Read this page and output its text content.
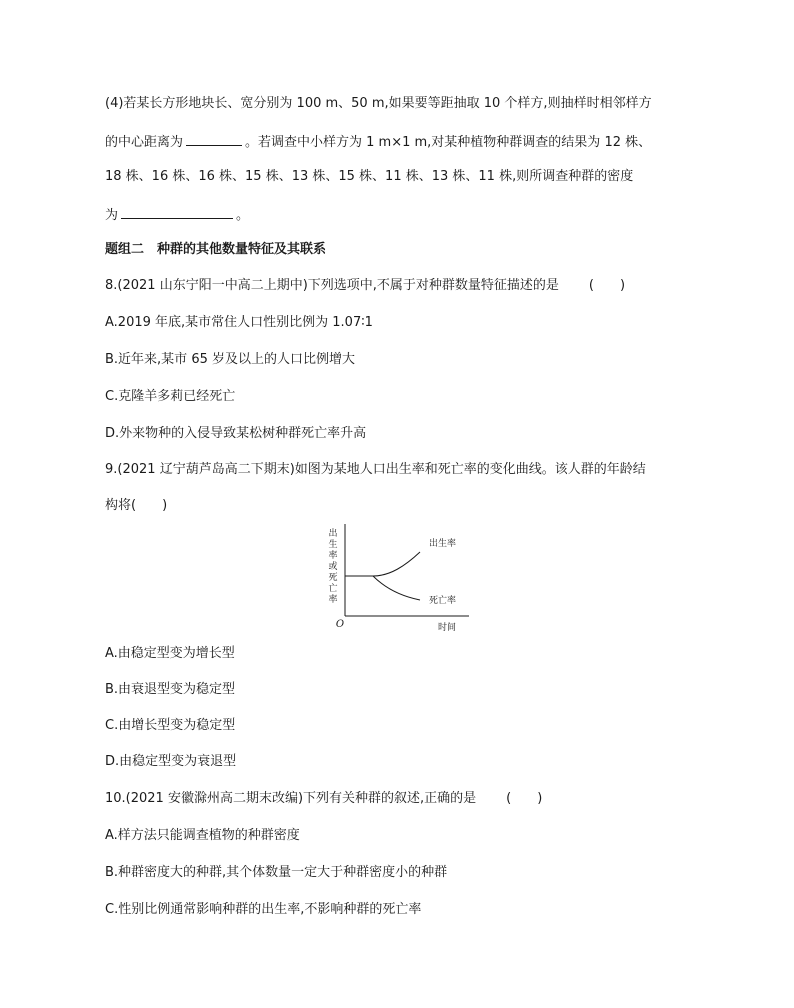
(4)若某长方形地块长、宽分别为 100 m、50 m,如果要等距抽取 10 个样方,则抽样时相邻样方
的中心距离为	。若调查中小样方为 1 m×1 m,对某种植物种群调查的结果为 12 株、
18 株、16 株、16 株、15 株、13 株、15 株、11 株、13 株、11 株,则所调查种群的密度
为	。
题组二　种群的其他数量特征及其联系
8.(2021 山东宁阳一中高二上期中)下列选项中,不属于对种群数量特征描述的是 (　　)
A.2019 年底,某市常住人口性别比例为 1.07∶1
B.近年来,某市 65 岁及以上的人口比例增大
C.克隆羊多莉已经死亡
D.外来物种的入侵导致某松树种群死亡率升高
9.(2021 辽宁葫芦岛高二下期末)如图为某地人口出生率和死亡率的变化曲线。该人群的年龄结
构将(　　)
出
生
率
或
死
亡
率
出生率
死亡率
O	时间
A.由稳定型变为增长型
B.由衰退型变为稳定型
C.由增长型变为稳定型
D.由稳定型变为衰退型
10.(2021 安徽滁州高二期末改编)下列有关种群的叙述,正确的是 (　　)
A.样方法只能调查植物的种群密度
B.种群密度大的种群,其个体数量一定大于种群密度小的种群
C.性别比例通常影响种群的出生率,不影响种群的死亡率
